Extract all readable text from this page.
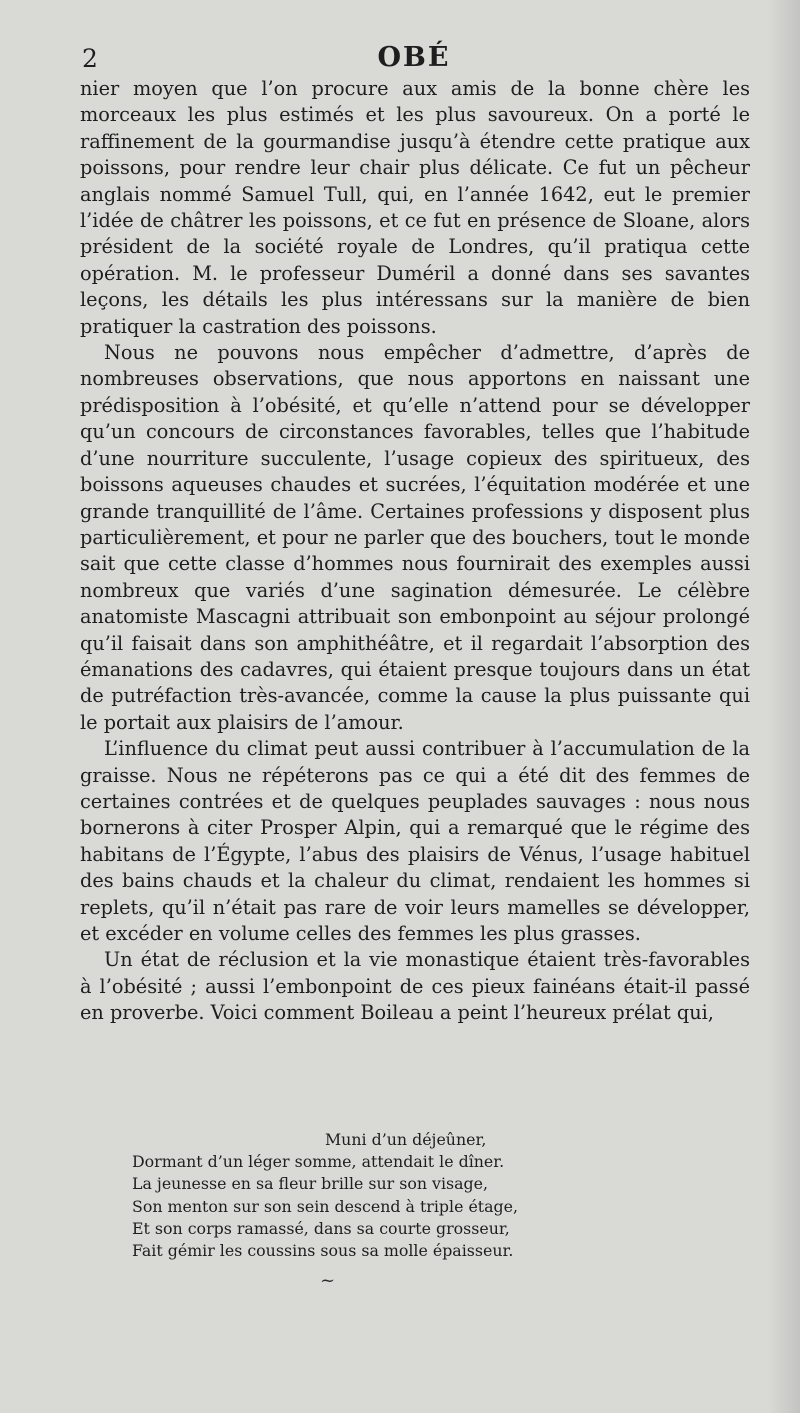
2	OBÉ

nier moyen que l’on procure aux amis de la bonne chère les morceaux les plus estimés et les plus savoureux. On a porté le raffinement de la gourmandise jusqu’à étendre cette pratique aux poissons, pour rendre leur chair plus délicate. Ce fut un pêcheur anglais nommé Samuel Tull, qui, en l’année 1642, eut le premier l’idée de châtrer les poissons, et ce fut en présence de Sloane, alors président de la société royale de Londres, qu’il pratiqua cette opération. M. le professeur Duméril a donné dans ses savantes leçons, les détails les plus intéressans sur la manière de bien pratiquer la castration des poissons.

Nous ne pouvons nous empêcher d’admettre, d’après de nombreuses observations, que nous apportons en naissant une prédisposition à l’obésité, et qu’elle n’attend pour se développer qu’un concours de circonstances favorables, telles que l’habitude d’une nourriture succulente, l’usage copieux des spiritueux, des boissons aqueuses chaudes et sucrées, l’équitation modérée et une grande tranquillité de l’âme. Certaines professions y disposent plus particulièrement, et pour ne parler que des bouchers, tout le monde sait que cette classe d’hommes nous fournirait des exemples aussi nombreux que variés d’une sagination démesurée. Le célèbre anatomiste Mascagni attribuait son embonpoint au séjour prolongé qu’il faisait dans son amphithéâtre, et il regardait l’absorption des émanations des cadavres, qui étaient presque toujours dans un état de putréfaction très-avancée, comme la cause la plus puissante qui le portait aux plaisirs de l’amour.

L’influence du climat peut aussi contribuer à l’accumulation de la graisse. Nous ne répéterons pas ce qui a été dit des femmes de certaines contrées et de quelques peuplades sauvages : nous nous bornerons à citer Prosper Alpin, qui a remarqué que le régime des habitans de l’Égypte, l’abus des plaisirs de Vénus, l’usage habituel des bains chauds et la chaleur du climat, rendaient les hommes si replets, qu’il n’était pas rare de voir leurs mamelles se développer, et excéder en volume celles des femmes les plus grasses.

Un état de réclusion et la vie monastique étaient très-favorables à l’obésité ; aussi l’embonpoint de ces pieux fainéans était-il passé en proverbe. Voici comment Boileau a peint l’heureux prélat qui,

Muni d’un déjeûner,
Dormant d’un léger somme, attendait le dîner.
La jeunesse en sa fleur brille sur son visage,
Son menton sur son sein descend à triple étage,
Et son corps ramassé, dans sa courte grosseur,
Fait gémir les coussins sous sa molle épaisseur.
~
